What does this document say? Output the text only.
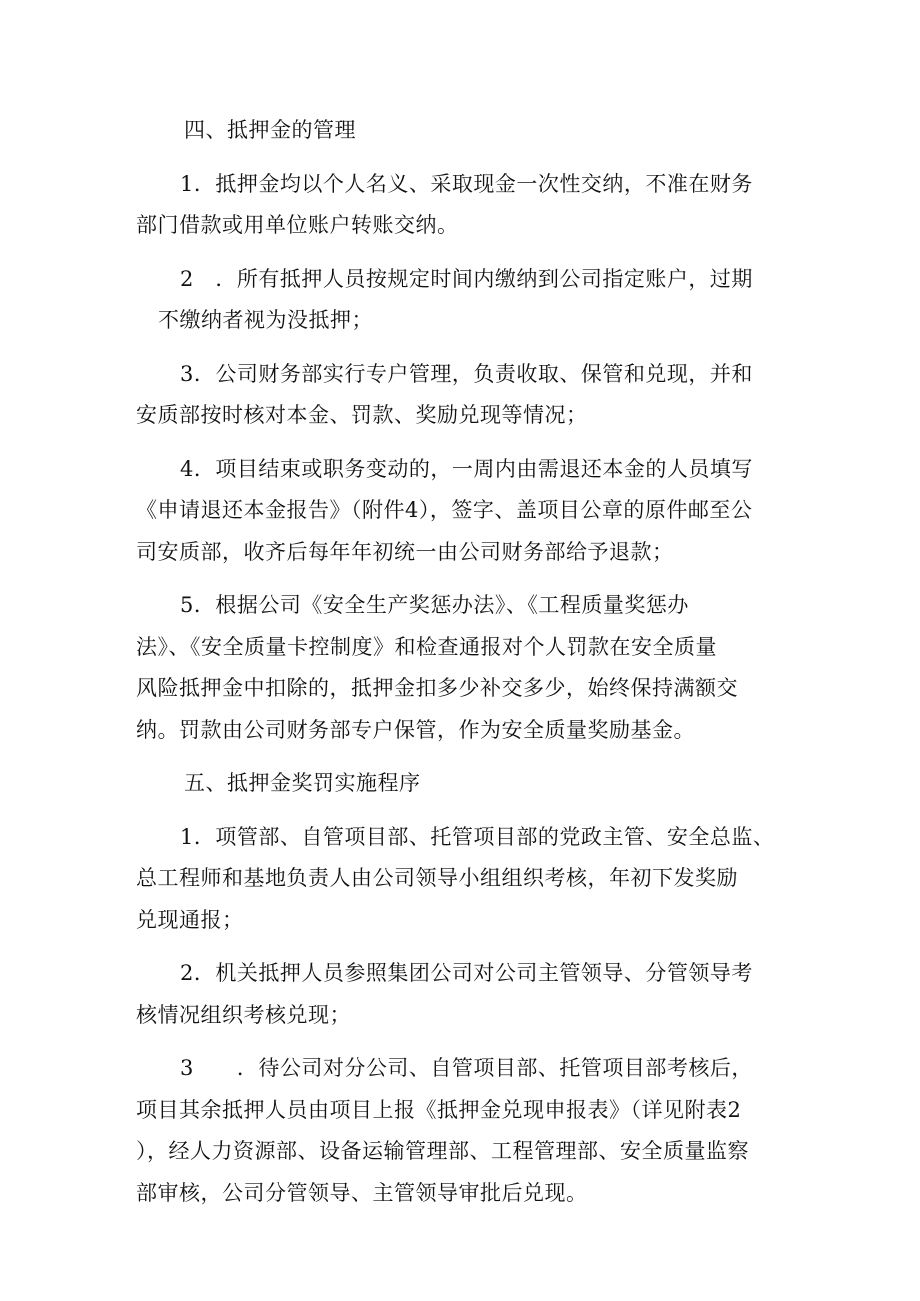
四、抵押金的管理
1．抵押金均以个人名义、采取现金一次性交纳，不准在财务
部门借款或用单位账户转账交纳。
2　．所有抵押人员按规定时间内缴纳到公司指定账户，过期
不缴纳者视为没抵押；
3．公司财务部实行专户管理，负责收取、保管和兑现，并和
安质部按时核对本金、罚款、奖励兑现等情况；
4．项目结束或职务变动的，一周内由需退还本金的人员填写
《申请退还本金报告》（附件4），签字、盖项目公章的原件邮至公
司安质部，收齐后每年年初统一由公司财务部给予退款；
5．根据公司《安全生产奖惩办法》、《工程质量奖惩办
法》、《安全质量卡控制度》和检查通报对个人罚款在安全质量
风险抵押金中扣除的，抵押金扣多少补交多少，始终保持满额交
纳。罚款由公司财务部专户保管，作为安全质量奖励基金。
五、抵押金奖罚实施程序
1．项管部、自管项目部、托管项目部的党政主管、安全总监、
总工程师和基地负责人由公司领导小组组织考核，年初下发奖励
兑现通报；
2．机关抵押人员参照集团公司对公司主管领导、分管领导考
核情况组织考核兑现；
3　　．待公司对分公司、自管项目部、托管项目部考核后，
项目其余抵押人员由项目上报《抵押金兑现申报表》（详见附表2
），经人力资源部、设备运输管理部、工程管理部、安全质量监察
部审核，公司分管领导、主管领导审批后兑现。
